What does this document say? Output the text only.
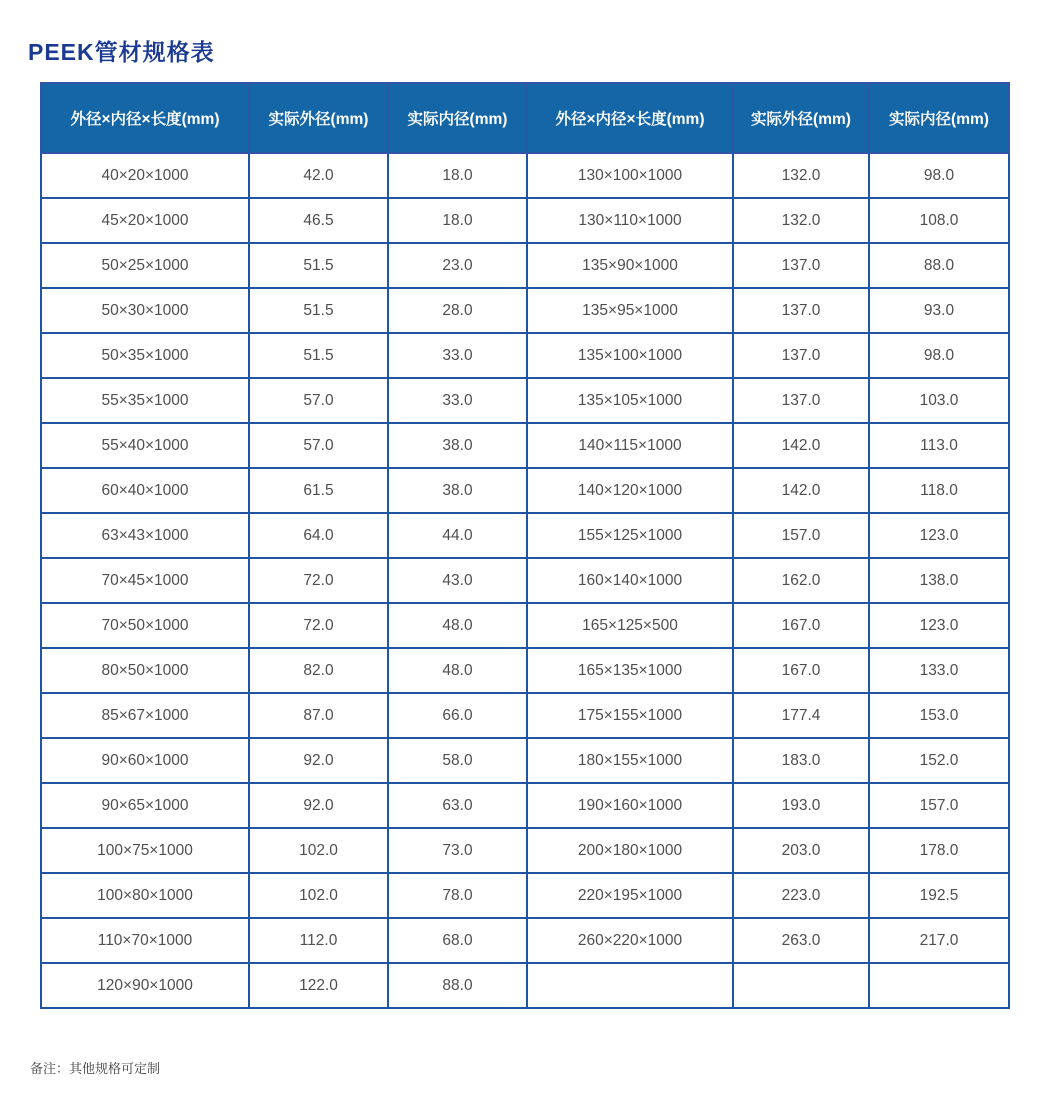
PEEK管材规格表
外径×内径×长度(mm)	实际外径(mm)	实际内径(mm)	外径×内径×长度(mm)	实际外径(mm)	实际内径(mm)
40×20×1000	42.0	18.0	130×100×1000	132.0	98.0
45×20×1000	46.5	18.0	130×110×1000	132.0	108.0
50×25×1000	51.5	23.0	135×90×1000	137.0	88.0
50×30×1000	51.5	28.0	135×95×1000	137.0	93.0
50×35×1000	51.5	33.0	135×100×1000	137.0	98.0
55×35×1000	57.0	33.0	135×105×1000	137.0	103.0
55×40×1000	57.0	38.0	140×115×1000	142.0	113.0
60×40×1000	61.5	38.0	140×120×1000	142.0	118.0
63×43×1000	64.0	44.0	155×125×1000	157.0	123.0
70×45×1000	72.0	43.0	160×140×1000	162.0	138.0
70×50×1000	72.0	48.0	165×125×500	167.0	123.0
80×50×1000	82.0	48.0	165×135×1000	167.0	133.0
85×67×1000	87.0	66.0	175×155×1000	177.4	153.0
90×60×1000	92.0	58.0	180×155×1000	183.0	152.0
90×65×1000	92.0	63.0	190×160×1000	193.0	157.0
100×75×1000	102.0	73.0	200×180×1000	203.0	178.0
100×80×1000	102.0	78.0	220×195×1000	223.0	192.5
110×70×1000	112.0	68.0	260×220×1000	263.0	217.0
120×90×1000	122.0	88.0			
备注：其他规格可定制
